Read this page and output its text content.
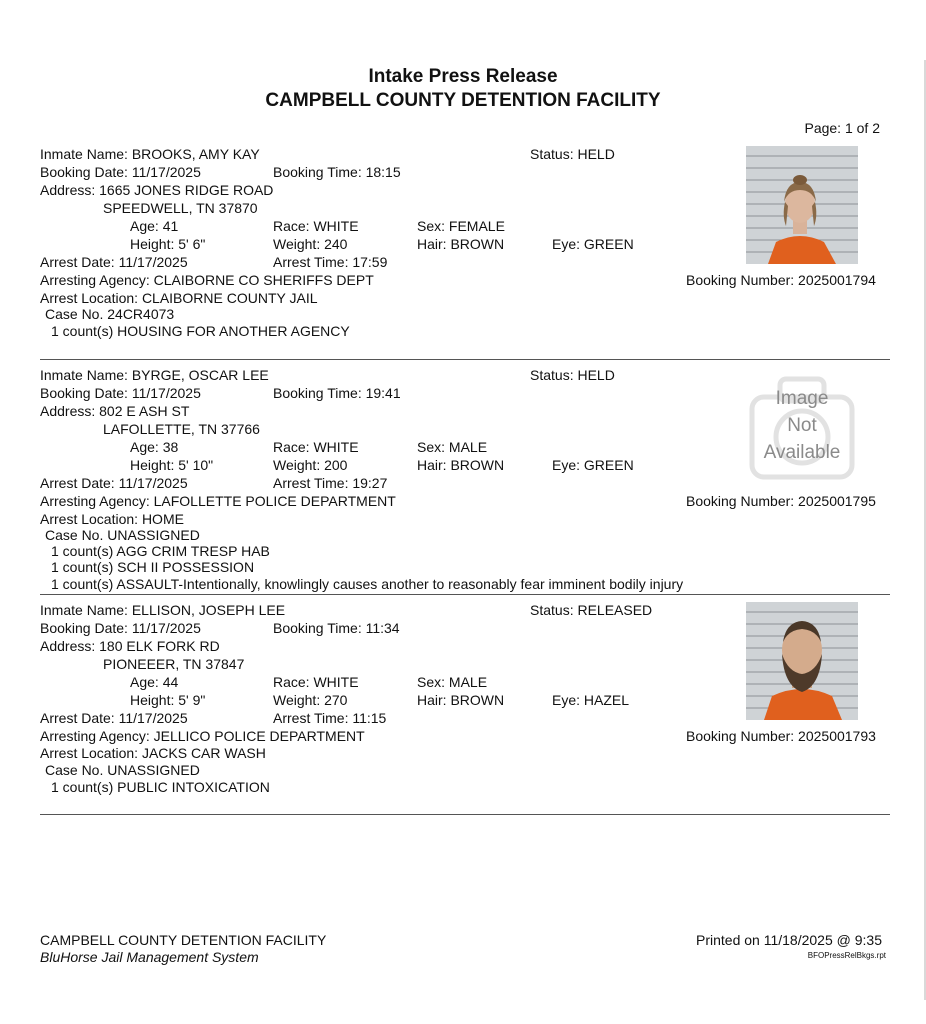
Intake Press Release
CAMPBELL COUNTY DETENTION FACILITY
Page: 1 of 2
Inmate Name: BROOKS, AMY KAY	Status: HELD
Booking Date: 11/17/2025	Booking Time: 18:15
Address: 1665 JONES RIDGE ROAD
SPEEDWELL, TN 37870
Age: 41	Race: WHITE	Sex: FEMALE
Height: 5' 6"	Weight: 240	Hair: BROWN	Eye: GREEN
Arrest Date: 11/17/2025	Arrest Time: 17:59
Arresting Agency: CLAIBORNE CO SHERIFFS DEPT	Booking Number: 2025001794
Arrest Location: CLAIBORNE COUNTY JAIL
Case No. 24CR4073
1 count(s) HOUSING FOR ANOTHER AGENCY
Inmate Name: BYRGE, OSCAR LEE	Status: HELD
Booking Date: 11/17/2025	Booking Time: 19:41
Address: 802 E ASH ST
LAFOLLETTE, TN 37766
Age: 38	Race: WHITE	Sex: MALE
Height: 5' 10"	Weight: 200	Hair: BROWN	Eye: GREEN
Arrest Date: 11/17/2025	Arrest Time: 19:27
Arresting Agency: LAFOLLETTE POLICE DEPARTMENT	Booking Number: 2025001795
Arrest Location: HOME
Case No. UNASSIGNED
1 count(s) AGG CRIM TRESP HAB
1 count(s) SCH II POSSESSION
1 count(s) ASSAULT-Intentionally, knowlingly causes another to reasonably fear imminent bodily injury
Image
Not
Available
Inmate Name: ELLISON, JOSEPH LEE	Status: RELEASED
Booking Date: 11/17/2025	Booking Time: 11:34
Address: 180 ELK FORK RD
PIONEEER, TN 37847
Age: 44	Race: WHITE	Sex: MALE
Height: 5' 9"	Weight: 270	Hair: BROWN	Eye: HAZEL
Arrest Date: 11/17/2025	Arrest Time: 11:15
Arresting Agency: JELLICO POLICE DEPARTMENT	Booking Number: 2025001793
Arrest Location: JACKS CAR WASH
Case No. UNASSIGNED
1 count(s) PUBLIC INTOXICATION
CAMPBELL COUNTY DETENTION FACILITY
BluHorse Jail Management System
Printed on 11/18/2025 @ 9:35
BFOPressRelBkgs.rpt
